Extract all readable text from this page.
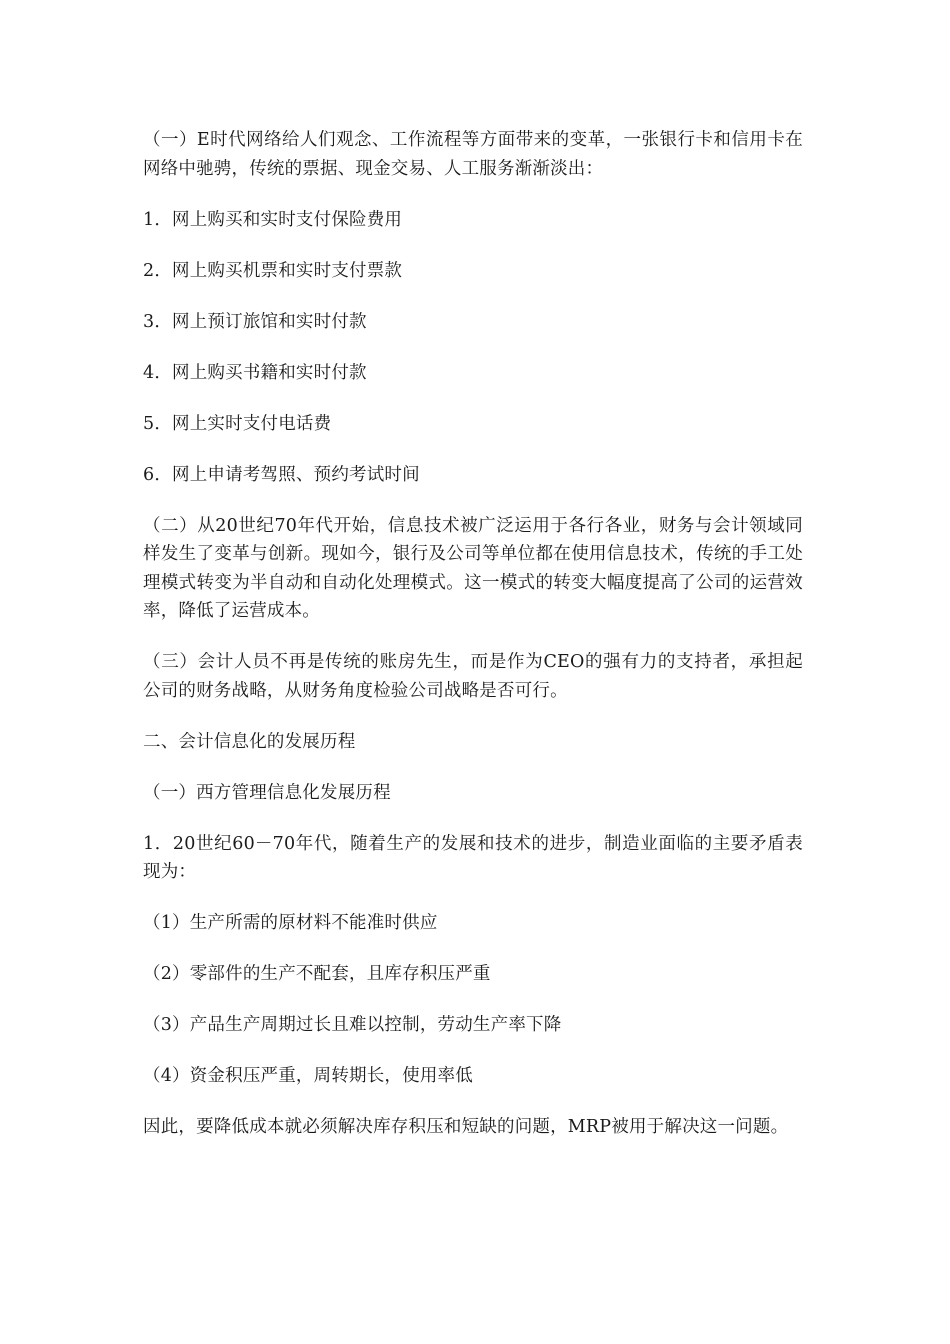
（一）E时代网络给人们观念、工作流程等方面带来的变革，一张银行卡和信用卡在网络中驰骋，传统的票据、现金交易、人工服务渐渐淡出：

1．网上购买和实时支付保险费用

2．网上购买机票和实时支付票款

3．网上预订旅馆和实时付款

4．网上购买书籍和实时付款

5．网上实时支付电话费

6．网上申请考驾照、预约考试时间

（二）从20世纪70年代开始，信息技术被广泛运用于各行各业，财务与会计领域同样发生了变革与创新。现如今，银行及公司等单位都在使用信息技术，传统的手工处理模式转变为半自动和自动化处理模式。这一模式的转变大幅度提高了公司的运营效率，降低了运营成本。

（三）会计人员不再是传统的账房先生，而是作为CEO的强有力的支持者，承担起公司的财务战略，从财务角度检验公司战略是否可行。

二、会计信息化的发展历程

（一）西方管理信息化发展历程

1．20世纪60－70年代，随着生产的发展和技术的进步，制造业面临的主要矛盾表现为：

（1）生产所需的原材料不能准时供应

（2）零部件的生产不配套，且库存积压严重

（3）产品生产周期过长且难以控制，劳动生产率下降

（4）资金积压严重，周转期长，使用率低

因此，要降低成本就必须解决库存积压和短缺的问题，MRP被用于解决这一问题。
